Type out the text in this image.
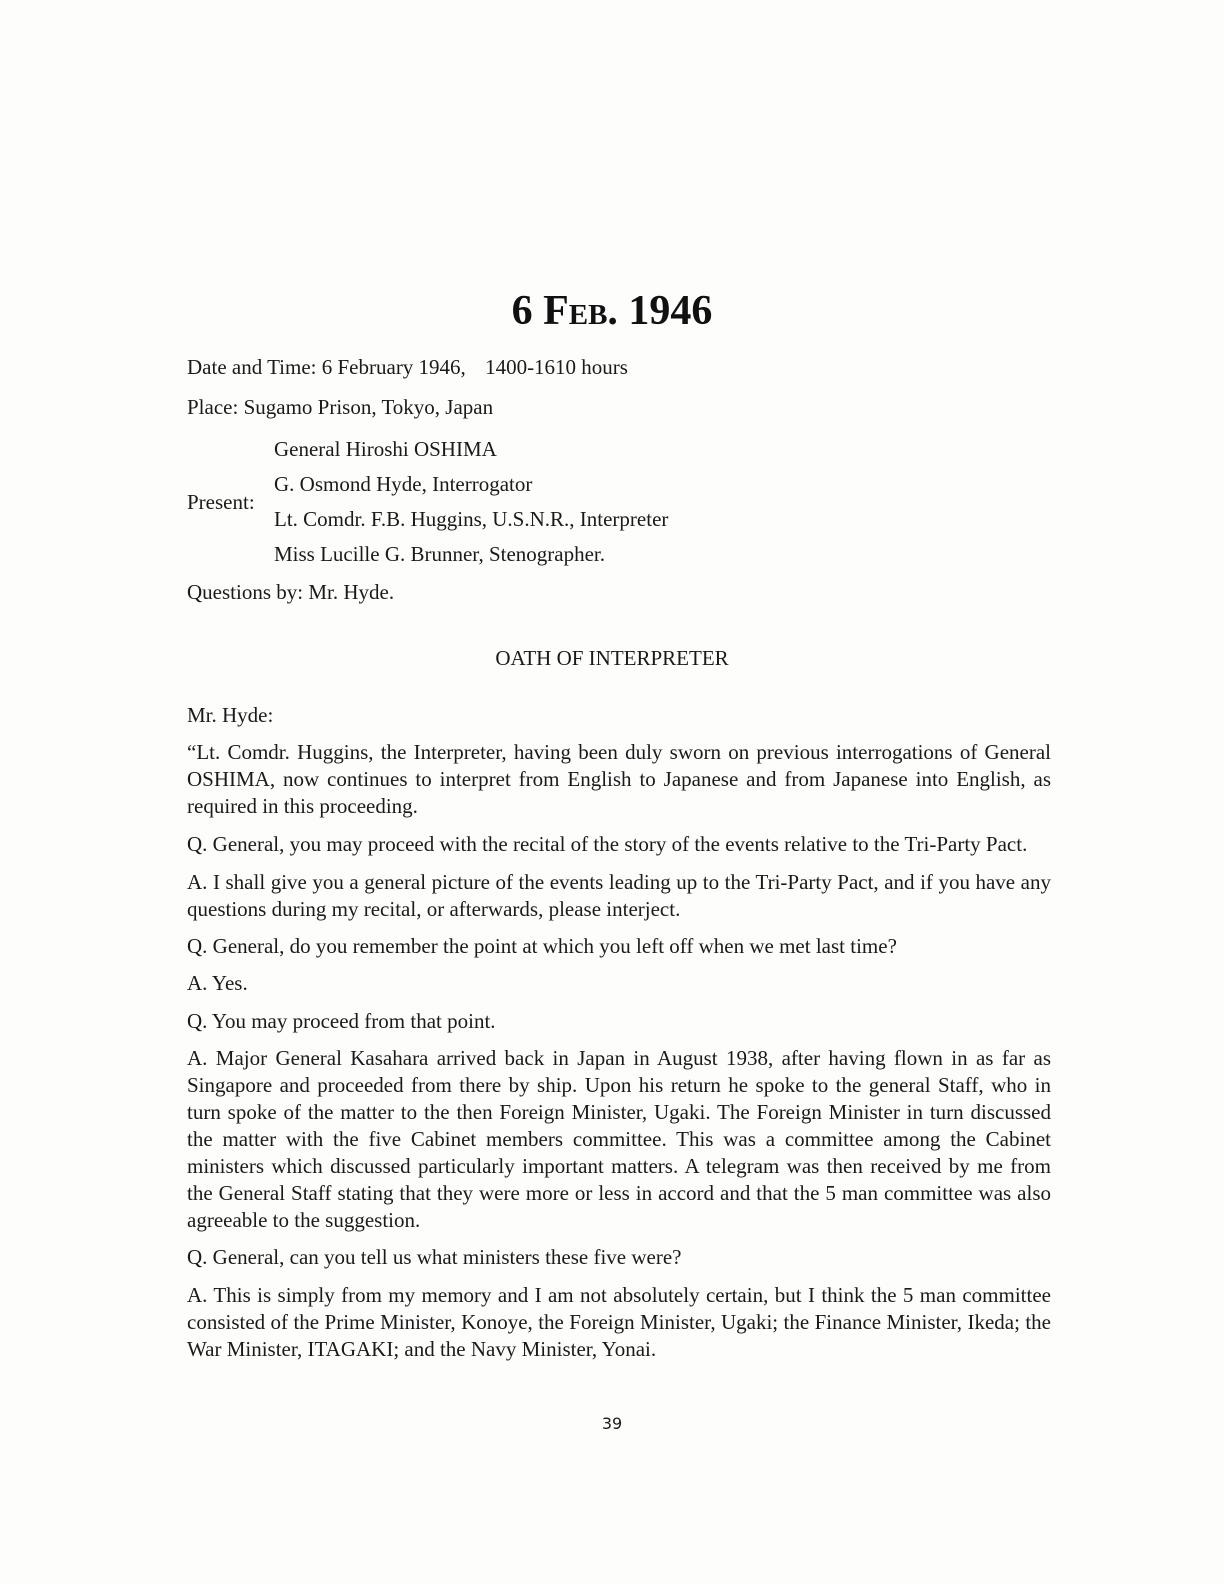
6 Feb. 1946
Date and Time: 6 February 1946, 1400-1610 hours
Place: Sugamo Prison, Tokyo, Japan
Present:
General Hiroshi OSHIMA
G. Osmond Hyde, Interrogator
Lt. Comdr. F.B. Huggins, U.S.N.R., Interpreter
Miss Lucille G. Brunner, Stenographer.
Questions by: Mr. Hyde.
OATH OF INTERPRETER
Mr. Hyde:
“Lt. Comdr. Huggins, the Interpreter, having been duly sworn on previous interrogations of General OSHIMA, now continues to interpret from English to Japanese and from Japanese into English, as required in this proceeding.
Q. General, you may proceed with the recital of the story of the events relative to the Tri-Party Pact.
A. I shall give you a general picture of the events leading up to the Tri-Party Pact, and if you have any questions during my recital, or afterwards, please interject.
Q. General, do you remember the point at which you left off when we met last time?
A. Yes.
Q. You may proceed from that point.
A. Major General Kasahara arrived back in Japan in August 1938, after having flown in as far as Singapore and proceeded from there by ship. Upon his return he spoke to the general Staff, who in turn spoke of the matter to the then Foreign Minister, Ugaki. The Foreign Minister in turn discussed the matter with the five Cabinet members committee. This was a committee among the Cabinet ministers which discussed particularly important matters. A telegram was then received by me from the General Staff stating that they were more or less in accord and that the 5 man committee was also agreeable to the suggestion.
Q. General, can you tell us what ministers these five were?
A. This is simply from my memory and I am not absolutely certain, but I think the 5 man committee consisted of the Prime Minister, Konoye, the Foreign Minister, Ugaki; the Finance Minister, Ikeda; the War Minister, ITAGAKI; and the Navy Minister, Yonai.
39
